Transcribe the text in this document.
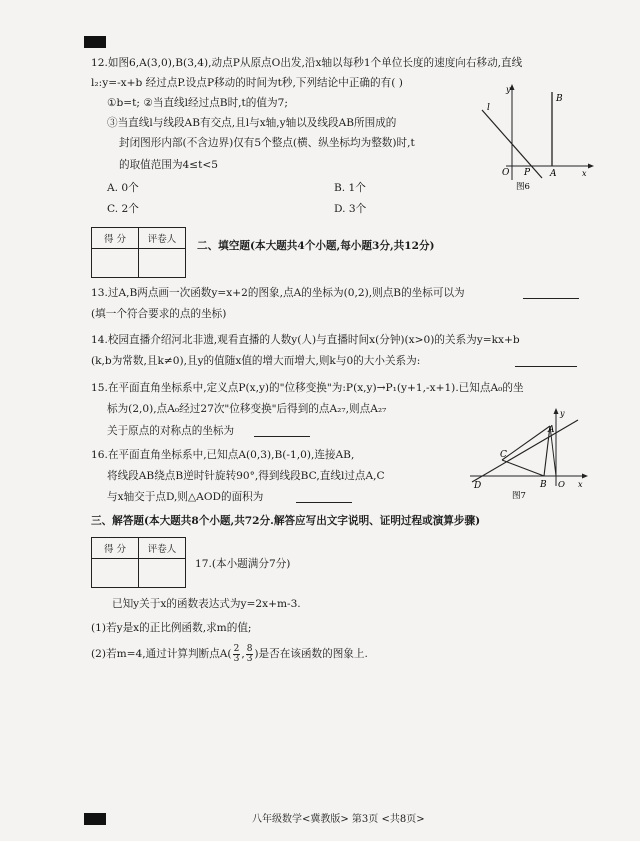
12.如图6,A(3,0),B(3,4),动点P从原点O出发,沿x轴以每秒1个单位长度的速度向右移动,直线
l₂:y=-x+b 经过点P.设点P移动的时间为t秒,下列结论中正确的有( )
①b=t; ②当直线l经过点B时,t的值为7;
③当直线l与线段AB有交点,且l与x轴,y轴以及线段AB所围成的
封闭图形内部(不含边界)仅有5个整点(横、纵坐标均为整数)时,t
的取值范围为4≤t<5
A. 0个	B. 1个
C. 2个	D. 3个
y
l
B
O P A	x
图6
得 分	评卷人

二、填空题(本大题共4个小题,每小题3分,共12分)
13.过A,B两点画一次函数y=x+2的图象,点A的坐标为(0,2),则点B的坐标可以为
(填一个符合要求的点的坐标)
14.校园直播介绍河北非遗,观看直播的人数y(人)与直播时间x(分钟)(x>0)的关系为y=kx+b
(k,b为常数,且k≠0),且y的值随x值的增大而增大,则k与0的大小关系为:
15.在平面直角坐标系中,定义点P(x,y)的"位移变换"为:P(x,y)→P₁(y+1,-x+1).已知点A₀的坐
标为(2,0),点A₀经过27次"位移变换"后得到的点A₂₇,则点A₂₇
关于原点的对称点的坐标为
16.在平面直角坐标系中,已知点A(0,3),B(-1,0),连接AB,
将线段AB绕点B逆时针旋转90°,得到线段BC,直线l过点A,C
与x轴交于点D,则△AOD的面积为
y
A
C
D	B O x
图7
三、解答题(本大题共8个小题,共72分.解答应写出文字说明、证明过程或演算步骤)
得 分	评卷人

17.(本小题满分7分)
已知y关于x的函数表达式为y=2x+m-3.
(1)若y是x的正比例函数,求m的值;
(2)若m=4,通过计算判断点$A( \frac{2}{3}$ , $\frac{8}{3}$ )是否在该函数的图象上.
八年级数学<冀教版> 第3页 <共8页>
